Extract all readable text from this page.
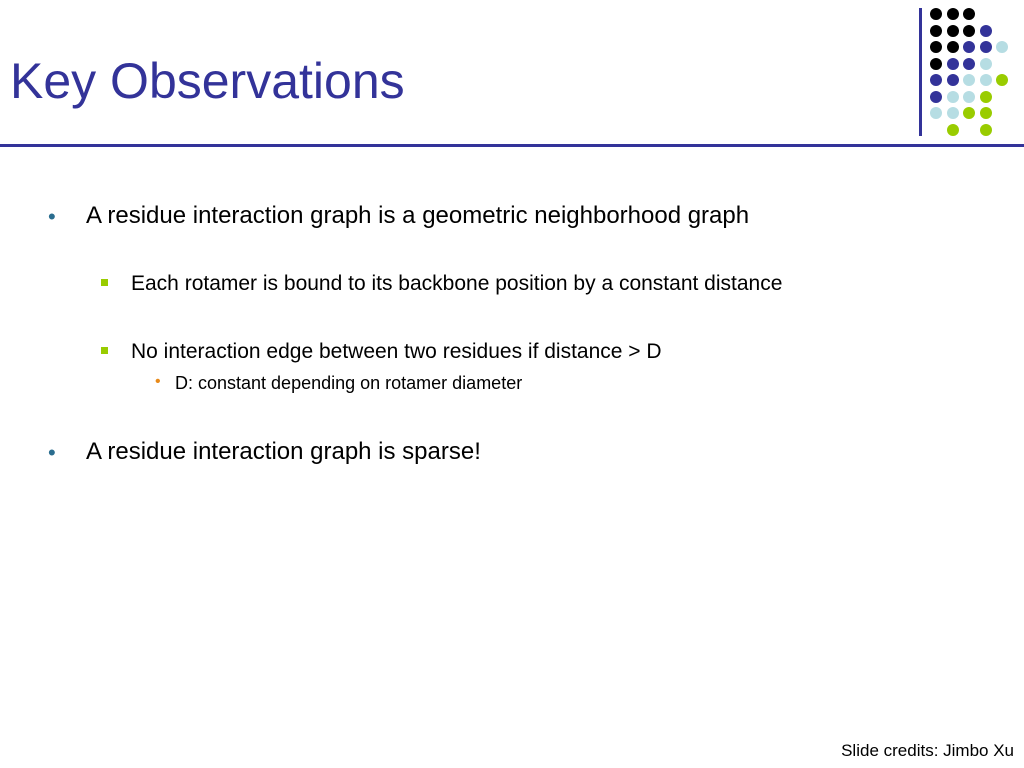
Key Observations
• A residue interaction graph is a geometric neighborhood graph
Each rotamer is bound to its backbone position by a constant distance
No interaction edge between two residues if distance > D
• D: constant depending on rotamer diameter
• A residue interaction graph is sparse!
Slide credits: Jimbo Xu
